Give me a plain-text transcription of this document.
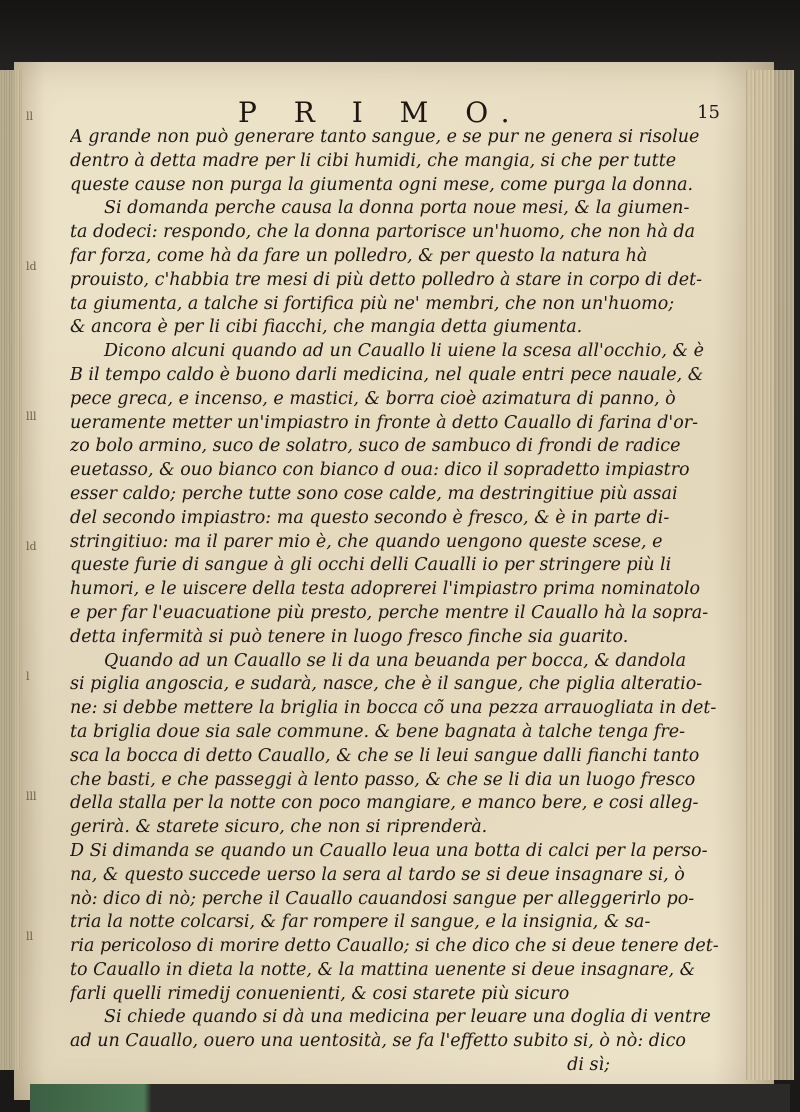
ll
ld
lll
ld
l
lll
ll
P R I M O.	15
A grande non può generare tanto sangue, e se pur ne genera si risolue
dentro à detta madre per li cibi humidi, che mangia, si che per tutte
queste cause non purga la giumenta ogni mese, come purga la donna.
Si domanda perche causa la donna porta noue mesi, & la giumen-
ta dodeci: respondo, che la donna partorisce un'huomo, che non hà da
far forza, come hà da fare un polledro, & per questo la natura hà
prouisto, c'habbia tre mesi di più detto polledro à stare in corpo di det-
ta giumenta, a talche si fortifica più ne' membri, che non un'huomo;
& ancora è per li cibi fiacchi, che mangia detta giumenta.
Dicono alcuni quando ad un Cauallo li uiene la scesa all'occhio, & è
B il tempo caldo è buono darli medicina, nel quale entri pece nauale, &
pece greca, e incenso, e mastici, & borra cioè azimatura di panno, ò
ueramente metter un'impiastro in fronte à detto Cauallo di farina d'or-
zo bolo armino, suco de solatro, suco de sambuco di frondi de radice
euetasso, & ouo bianco con bianco d oua: dico il sopradetto impiastro
esser caldo; perche tutte sono cose calde, ma destringitiue più assai
del secondo impiastro: ma questo secondo è fresco, & è in parte di-
stringitiuo: ma il parer mio è, che quando uengono queste scese, e
queste furie di sangue à gli occhi delli Caualli io per stringere più li
humori, e le uiscere della testa adoprerei l'impiastro prima nominatolo
e per far l'euacuatione più presto, perche mentre il Cauallo hà la sopra-
detta infermità si può tenere in luogo fresco finche sia guarito.
Quando ad un Cauallo se li da una beuanda per bocca, & dandola
si piglia angoscia, e sudarà, nasce, che è il sangue, che piglia alteratio-
ne: si debbe mettere la briglia in bocca cõ una pezza arrauogliata in det-
ta briglia doue sia sale commune. & bene bagnata à talche tenga fre-
sca la bocca di detto Cauallo, & che se li leui sangue dalli fianchi tanto
che basti, e che passeggi à lento passo, & che se li dia un luogo fresco
della stalla per la notte con poco mangiare, e manco bere, e cosi alleg-
gerirà. & starete sicuro, che non si riprenderà.
D Si dimanda se quando un Cauallo leua una botta di calci per la perso-
na, & questo succede uerso la sera al tardo se si deue insagnare si, ò
nò: dico di nò; perche il Cauallo cauandosi sangue per alleggerirlo po-
tria la notte colcarsi, & far rompere il sangue, e la insignia, & sa-
ria pericoloso di morire detto Cauallo; si che dico che si deue tenere det-
to Cauallo in dieta la notte, & la mattina uenente si deue insagnare, &
farli quelli rimedij conuenienti, & cosi starete più sicuro
Si chiede quando si dà una medicina per leuare una doglia di ventre
ad un Cauallo, ouero una uentosità, se fa l'effetto subito si, ò nò: dico
di sì;
